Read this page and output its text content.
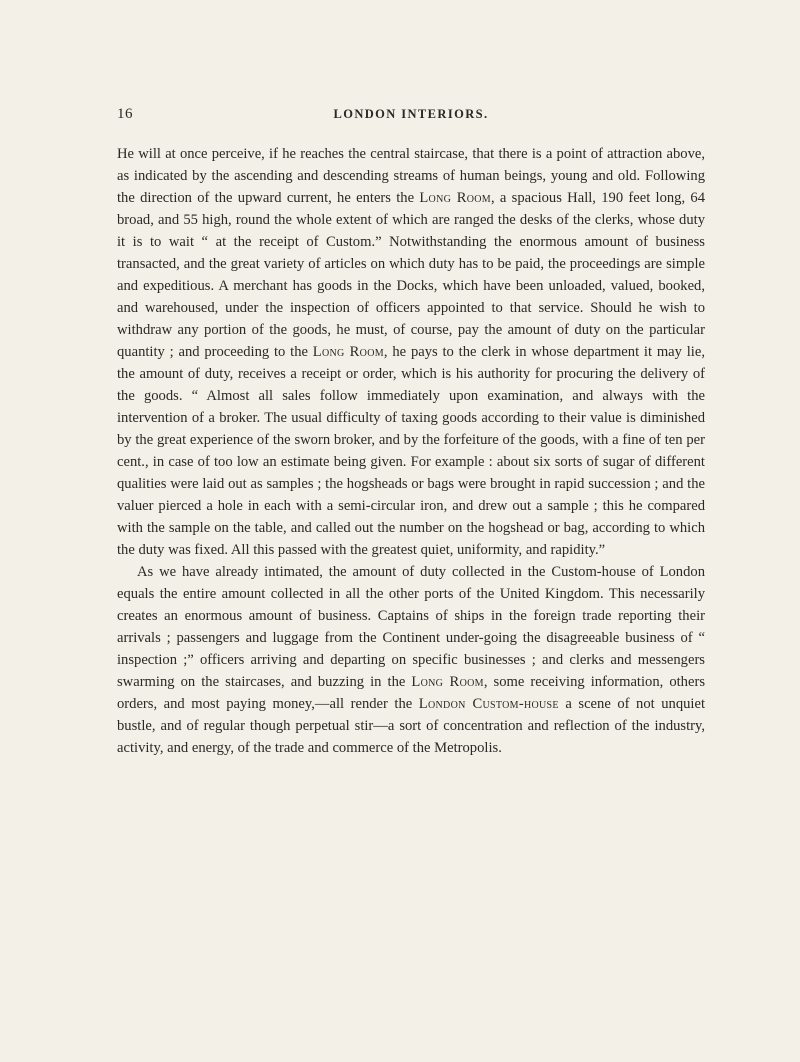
16	LONDON INTERIORS.

He will at once perceive, if he reaches the central staircase, that there is a point of attraction above, as indicated by the ascending and descending streams of human beings, young and old. Following the direction of the upward current, he enters the Long Room, a spacious Hall, 190 feet long, 64 broad, and 55 high, round the whole extent of which are ranged the desks of the clerks, whose duty it is to wait “ at the receipt of Custom.” Notwithstanding the enormous amount of business transacted, and the great variety of articles on which duty has to be paid, the proceedings are simple and expeditious. A merchant has goods in the Docks, which have been unloaded, valued, booked, and warehoused, under the inspection of officers appointed to that service. Should he wish to withdraw any portion of the goods, he must, of course, pay the amount of duty on the particular quantity ; and proceeding to the Long Room, he pays to the clerk in whose department it may lie, the amount of duty, receives a receipt or order, which is his authority for procuring the delivery of the goods. “ Almost all sales follow immediately upon examination, and always with the intervention of a broker. The usual difficulty of taxing goods according to their value is diminished by the great experience of the sworn broker, and by the forfeiture of the goods, with a fine of ten per cent., in case of too low an estimate being given. For example : about six sorts of sugar of different qualities were laid out as samples ; the hogsheads or bags were brought in rapid succession ; and the valuer pierced a hole in each with a semi-circular iron, and drew out a sample ; this he compared with the sample on the table, and called out the number on the hogshead or bag, according to which the duty was fixed. All this passed with the greatest quiet, uniformity, and rapidity.”

As we have already intimated, the amount of duty collected in the Custom-house of London equals the entire amount collected in all the other ports of the United Kingdom. This necessarily creates an enormous amount of business. Captains of ships in the foreign trade reporting their arrivals ; passengers and luggage from the Continent under-going the disagreeable business of “ inspection ;” officers arriving and departing on specific businesses ; and clerks and messengers swarming on the staircases, and buzzing in the Long Room, some receiving information, others orders, and most paying money,—all render the London Custom-house a scene of not unquiet bustle, and of regular though perpetual stir—a sort of concentration and reflection of the industry, activity, and energy, of the trade and commerce of the Metropolis.
